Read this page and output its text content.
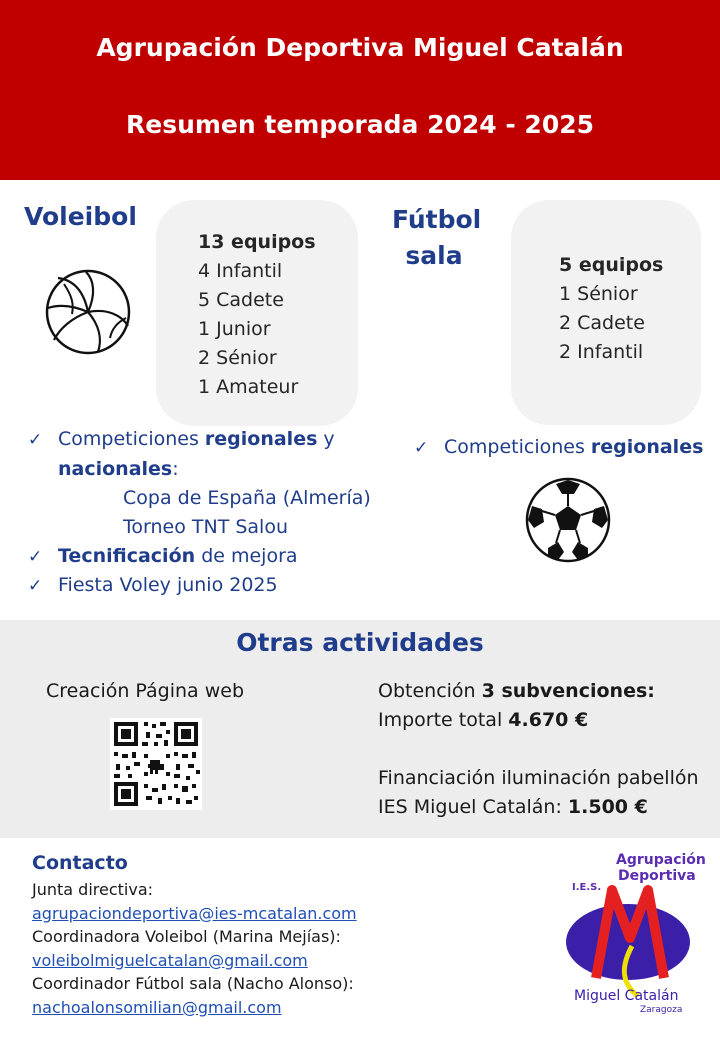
Agrupación Deportiva Miguel Catalán
Resumen temporada 2024 - 2025
Voleibol
13 equipos
4 Infantil
5 Cadete
1 Junior
2 Sénior
1 Amateur
✓ Competiciones regionales y
nacionales:
Copa de España (Almería)
Torneo TNT Salou
✓ Tecnificación de mejora
✓ Fiesta Voley junio 2025
Fútbol
sala	5 equipos
1 Sénior
2 Cadete
2 Infantil
✓ Competiciones regionales
Otras actividades
Creación Página web	Obtención 3 subvenciones:
Importe total 4.670 €
Financiación iluminación pabellón
IES Miguel Catalán: 1.500 €
Contacto
Junta directiva:
agrupaciondeportiva@ies-mcatalan.com
Coordinadora Voleibol (Marina Mejías):
voleibolmiguelcatalan@gmail.com
Coordinador Fútbol sala (Nacho Alonso):
nachoalonsomilian@gmail.com
Agrupación
Deportiva
I.E.S.
Miguel Catalán
Zaragoza
